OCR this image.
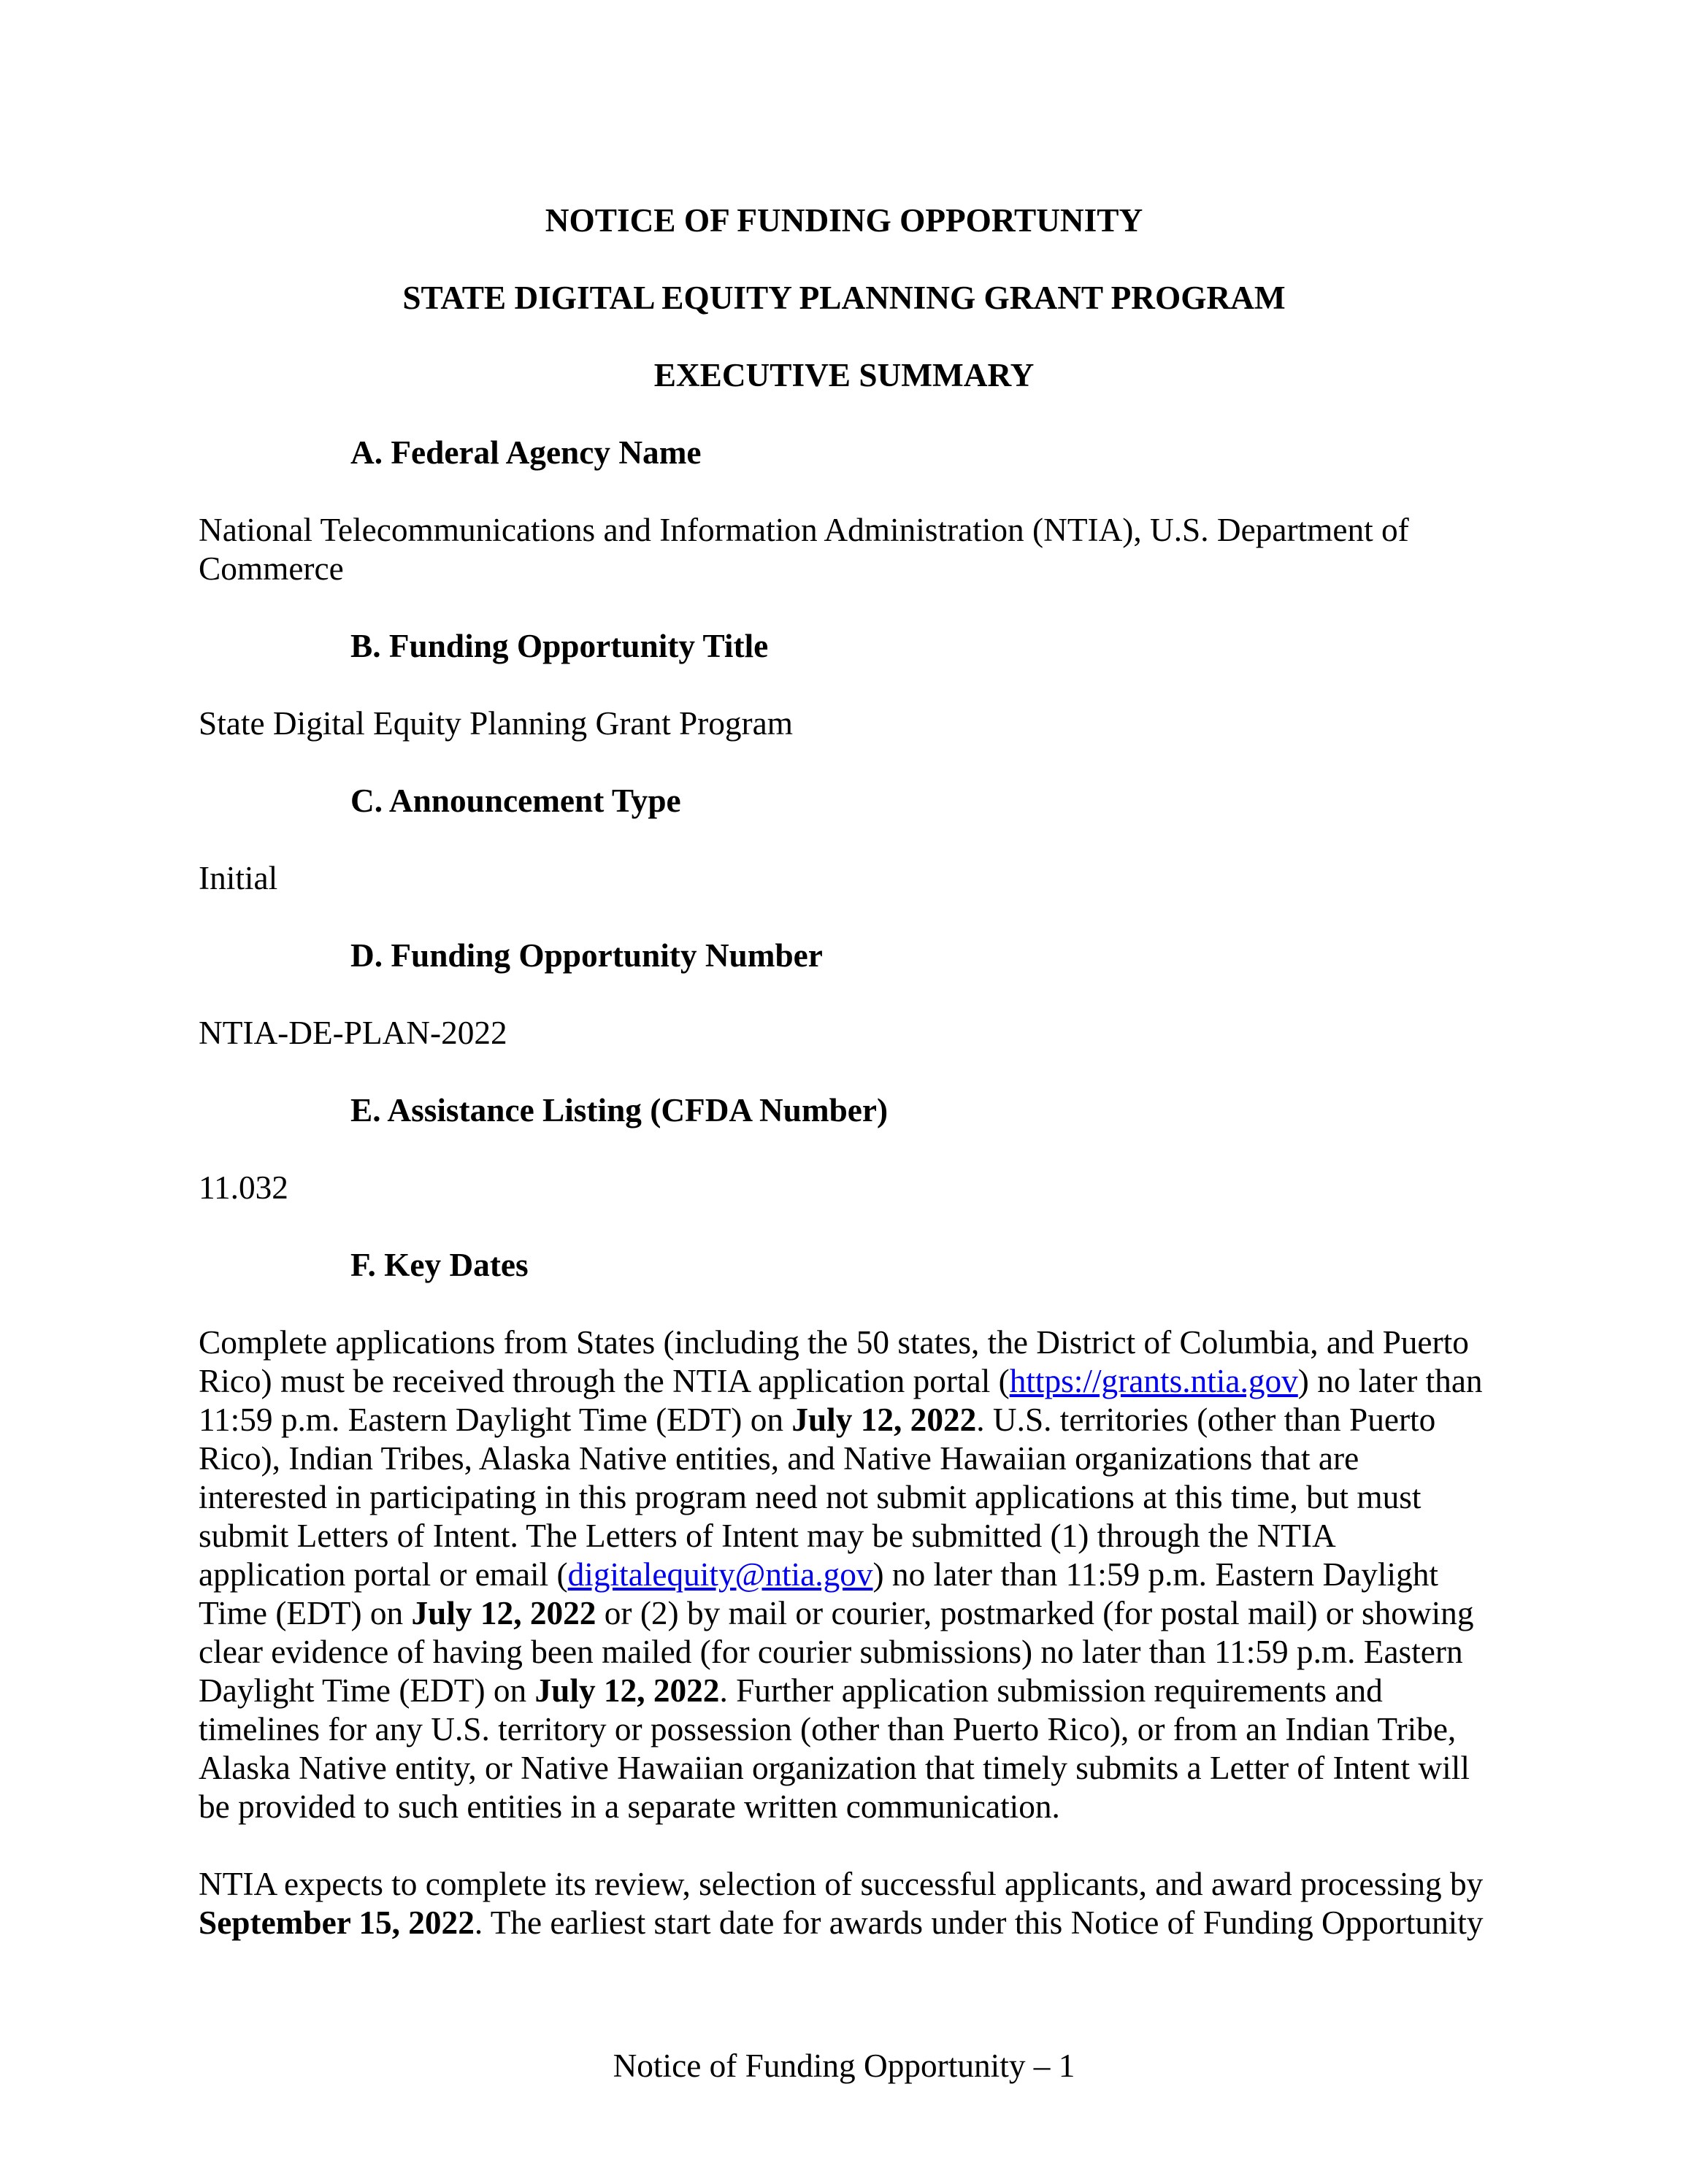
NOTICE OF FUNDING OPPORTUNITY
STATE DIGITAL EQUITY PLANNING GRANT PROGRAM
EXECUTIVE SUMMARY
A. Federal Agency Name
National Telecommunications and Information Administration (NTIA), U.S. Department of
Commerce
B. Funding Opportunity Title
State Digital Equity Planning Grant Program
C. Announcement Type
Initial
D. Funding Opportunity Number
NTIA-DE-PLAN-2022
E. Assistance Listing (CFDA Number)
11.032
F. Key Dates
Complete applications from States (including the 50 states, the District of Columbia, and Puerto
Rico) must be received through the NTIA application portal (https://grants.ntia.gov) no later than
11:59 p.m. Eastern Daylight Time (EDT) on July 12, 2022. U.S. territories (other than Puerto
Rico), Indian Tribes, Alaska Native entities, and Native Hawaiian organizations that are
interested in participating in this program need not submit applications at this time, but must
submit Letters of Intent. The Letters of Intent may be submitted (1) through the NTIA
application portal or email (digitalequity@ntia.gov) no later than 11:59 p.m. Eastern Daylight
Time (EDT) on July 12, 2022 or (2) by mail or courier, postmarked (for postal mail) or showing
clear evidence of having been mailed (for courier submissions) no later than 11:59 p.m. Eastern
Daylight Time (EDT) on July 12, 2022. Further application submission requirements and
timelines for any U.S. territory or possession (other than Puerto Rico), or from an Indian Tribe,
Alaska Native entity, or Native Hawaiian organization that timely submits a Letter of Intent will
be provided to such entities in a separate written communication.
NTIA expects to complete its review, selection of successful applicants, and award processing by
September 15, 2022. The earliest start date for awards under this Notice of Funding Opportunity
Notice of Funding Opportunity – 1
